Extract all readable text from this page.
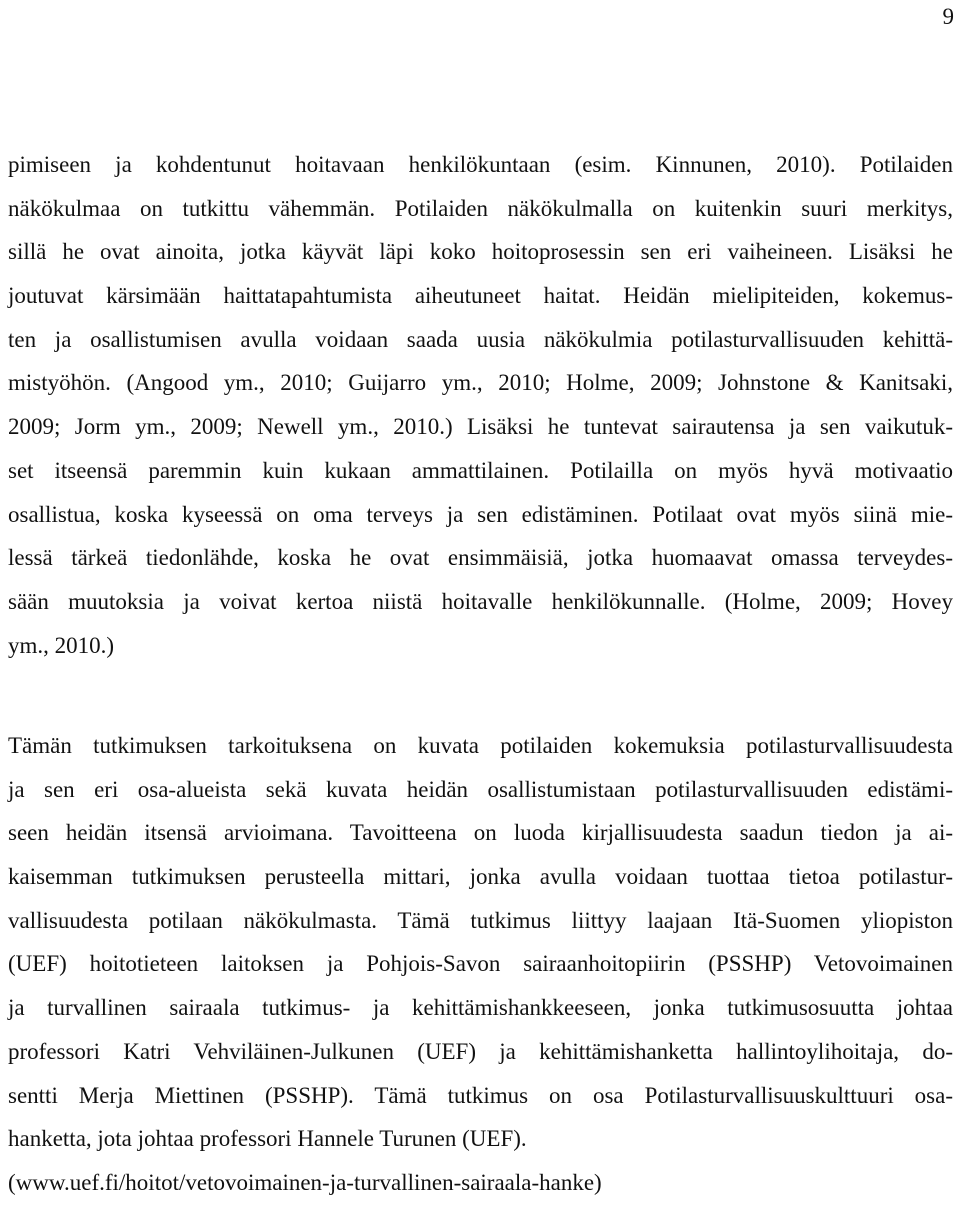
9

pimiseen ja kohdentunut hoitavaan henkilökuntaan (esim. Kinnunen, 2010). Potilaiden
näkökulmaa on tutkittu vähemmän. Potilaiden näkökulmalla on kuitenkin suuri merkitys,
sillä he ovat ainoita, jotka käyvät läpi koko hoitoprosessin sen eri vaiheineen. Lisäksi he
joutuvat kärsimään haittatapahtumista aiheutuneet haitat. Heidän mielipiteiden, kokemus-
ten ja osallistumisen avulla voidaan saada uusia näkökulmia potilasturvallisuuden kehittä-
mistyöhön. (Angood ym., 2010; Guijarro ym., 2010; Holme, 2009; Johnstone & Kanitsaki,
2009; Jorm ym., 2009; Newell ym., 2010.) Lisäksi he tuntevat sairautensa ja sen vaikutuk-
set itseensä paremmin kuin kukaan ammattilainen. Potilailla on myös hyvä motivaatio
osallistua, koska kyseessä on oma terveys ja sen edistäminen. Potilaat ovat myös siinä mie-
lessä tärkeä tiedonlähde, koska he ovat ensimmäisiä, jotka huomaavat omassa terveydes-
sään muutoksia ja voivat kertoa niistä hoitavalle henkilökunnalle. (Holme, 2009; Hovey
ym., 2010.)

Tämän tutkimuksen tarkoituksena on kuvata potilaiden kokemuksia potilasturvallisuudesta
ja sen eri osa-alueista sekä kuvata heidän osallistumistaan potilasturvallisuuden edistämi-
seen heidän itsensä arvioimana. Tavoitteena on luoda kirjallisuudesta saadun tiedon ja ai-
kaisemman tutkimuksen perusteella mittari, jonka avulla voidaan tuottaa tietoa potilastur-
vallisuudesta potilaan näkökulmasta. Tämä tutkimus liittyy laajaan Itä-Suomen yliopiston
(UEF) hoitotieteen laitoksen ja Pohjois-Savon sairaanhoitopiirin (PSSHP) Vetovoimainen
ja turvallinen sairaala tutkimus- ja kehittämishankkeeseen, jonka tutkimusosuutta johtaa
professori Katri Vehviläinen-Julkunen (UEF) ja kehittämishanketta hallintoylihoitaja, do-
sentti Merja Miettinen (PSSHP). Tämä tutkimus on osa Potilasturvallisuuskulttuuri osa-
hanketta, jota johtaa professori Hannele Turunen (UEF).
(www.uef.fi/hoitot/vetovoimainen-ja-turvallinen-sairaala-hanke)
